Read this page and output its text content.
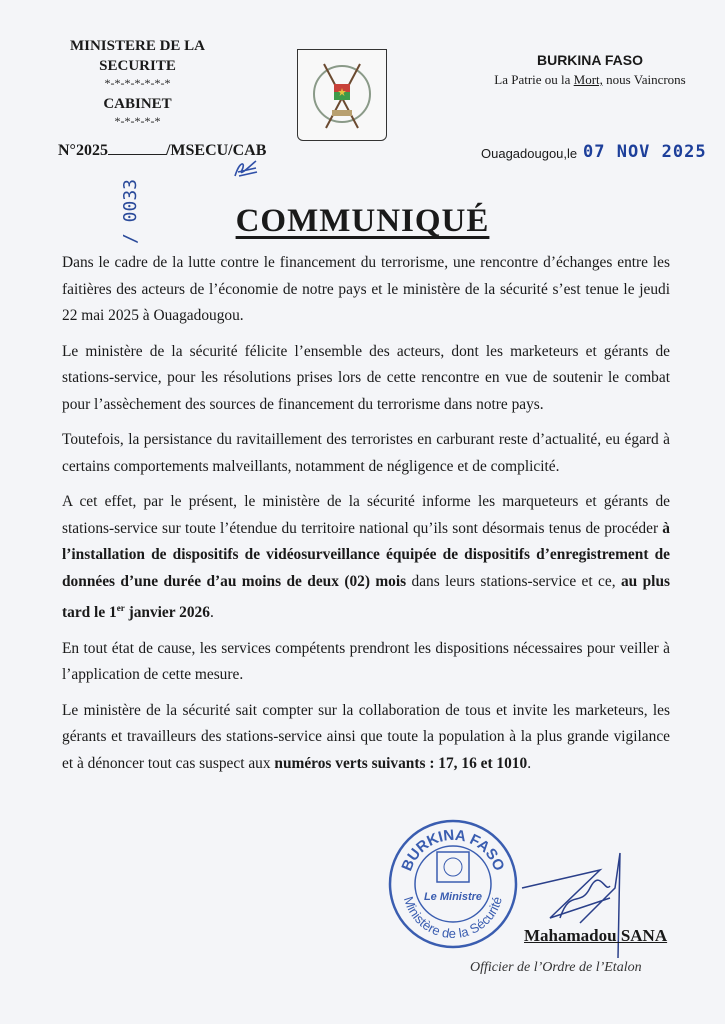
MINISTERE DE LA SECURITE
*-*-*-*-*-*-*
CABINET
*-*-*-*-*
N°2025	/MSECU/CAB
/ 0033
BURKINA FASO
La Patrie ou la Mort, nous Vaincrons
Ouagadougou,le 07 NOV 2025
COMMUNIQUÉ

Dans le cadre de la lutte contre le financement du terrorisme, une rencontre d’échanges entre les faitières des acteurs de l’économie de notre pays et le ministère de la sécurité s’est tenue le jeudi 22 mai 2025 à Ouagadougou.

Le ministère de la sécurité félicite l’ensemble des acteurs, dont les marketeurs et gérants de stations-service, pour les résolutions prises lors de cette rencontre en vue de soutenir le combat pour l’assèchement des sources de financement du terrorisme dans notre pays.

Toutefois, la persistance du ravitaillement des terroristes en carburant reste d’actualité, eu égard à certains comportements malveillants, notamment de négligence et de complicité.

A cet effet, par le présent, le ministère de la sécurité informe les marqueteurs et gérants de stations-service sur toute l’étendue du territoire national qu’ils sont désormais tenus de procéder à l’installation de dispositifs de vidéosurveillance équipée de dispositifs d’enregistrement de données d’une durée d’au moins de deux (02) mois dans leurs stations-service et ce, au plus tard le 1er janvier 2026.

En tout état de cause, les services compétents prendront les dispositions nécessaires pour veiller à l’application de cette mesure.

Le ministère de la sécurité sait compter sur la collaboration de tous et invite les marketeurs, les gérants et travailleurs des stations-service ainsi que toute la population à la plus grande vigilance et à dénoncer tout cas suspect aux numéros verts suivants : 17, 16 et 1010.

BURKINA FASO
Ministère de la Sécurité
Le Ministre
Mahamadou SANA
Officier de l’Ordre de l’Etalon
